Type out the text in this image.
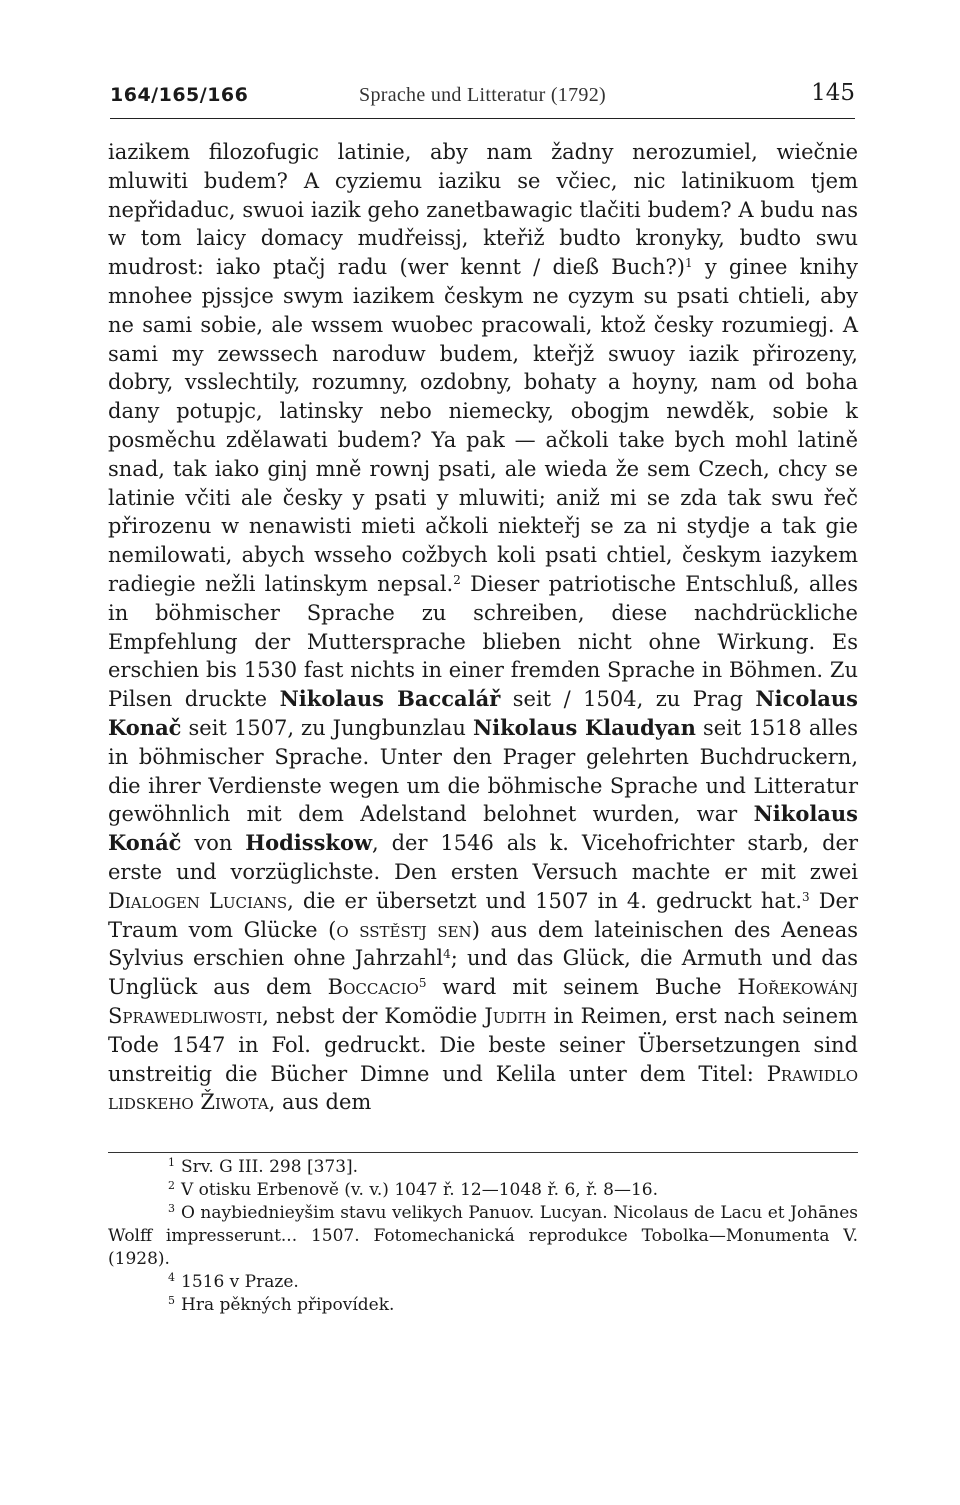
164/165/166	Sprache und Litteratur (1792)	145

iazikem filozofugic latinie, aby nam žadny nerozumiel, wiečnie mluwiti budem? A cyziemu iaziku se včiec, nic latinikuom tjem nepřidaduc, swuoi iazik geho zanetbawagic tlačiti budem? A budu nas w tom laicy domacy mudřeissj, kteřiž budto kronyky, budto swu mudrost: iako ptačj radu (wer kennt / dieß Buch?)$^1$ y ginee knihy mnohee pjssjce swym iazikem českym ne cyzym su psati chtieli, aby ne sami sobie, ale wssem wuobec pracowali, ktož česky rozumiegj. A sami my zewssech naroduw budem, kteřjž swuoy iazik přirozeny, dobry, vsslechtily, rozumny, ozdobny, bohaty a hoyny, nam od boha dany potupjc, latinsky nebo niemecky, obogjm newděk, sobie k posměchu zdělawati budem? Ya pak — ačkoli take bych mohl latině snad, tak iako ginj mně rownj psati, ale wieda že sem Czech, chcy se latinie včiti ale česky y psati y mluwiti; aniž mi se zda tak swu řeč přirozenu w nenawisti mieti ačkoli niekteřj se za ni stydje a tak gie nemilowati, abych wsseho cožbych koli psati chtiel, českym iazykem radiegie nežli latinskym nepsal.$^2$ Dieser patriotische Entschluß, alles in böhmischer Sprache zu schreiben, diese nachdrückliche Empfehlung der Muttersprache blieben nicht ohne Wirkung. Es erschien bis 1530 fast nichts in einer fremden Sprache in Böhmen. Zu Pilsen druckte Nikolaus Baccalář seit / 1504, zu Prag Nicolaus Konač seit 1507, zu Jungbunzlau Nikolaus Klaudyan seit 1518 alles in böhmischer Sprache. Unter den Prager gelehrten Buchdruckern, die ihrer Verdienste wegen um die böhmische Sprache und Litteratur gewöhnlich mit dem Adelstand belohnet wurden, war Nikolaus Konáč von Hodisskow, der 1546 als k. Vicehofrichter starb, der erste und vorzüglichste. Den ersten Versuch machte er mit zwei Dialogen Lucians, die er übersetzt und 1507 in 4. gedruckt hat.$^3$ Der Traum vom Glücke (o sstěstj sen) aus dem lateinischen des Aeneas Sylvius erschien ohne Jahrzahl$^4$; und das Glück, die Armuth und das Unglück aus dem Boccacio$^5$ ward mit seinem Buche Hořekowánj Sprawedliwosti, nebst der Komödie Judith in Reimen, erst nach seinem Tode 1547 in Fol. gedruckt. Die beste seiner Übersetzungen sind unstreitig die Bücher Dimne und Kelila unter dem Titel: Prawidlo lidskeho Žiwota, aus dem

$^1$ Srv. G III. 298 [373].

$^2$ V otisku Erbenově (v. v.) 1047 ř. 12—1048 ř. 6, ř. 8—16.

$^3$ O naybiednieyšim stavu velikych Panuov. Lucyan. Nicolaus de Lacu et Johānes Wolff impresserunt... 1507. Fotomechanická reprodukce Tobolka—Monumenta V. (1928).

$^4$ 1516 v Praze.

$^5$ Hra pěkných připovídek.
